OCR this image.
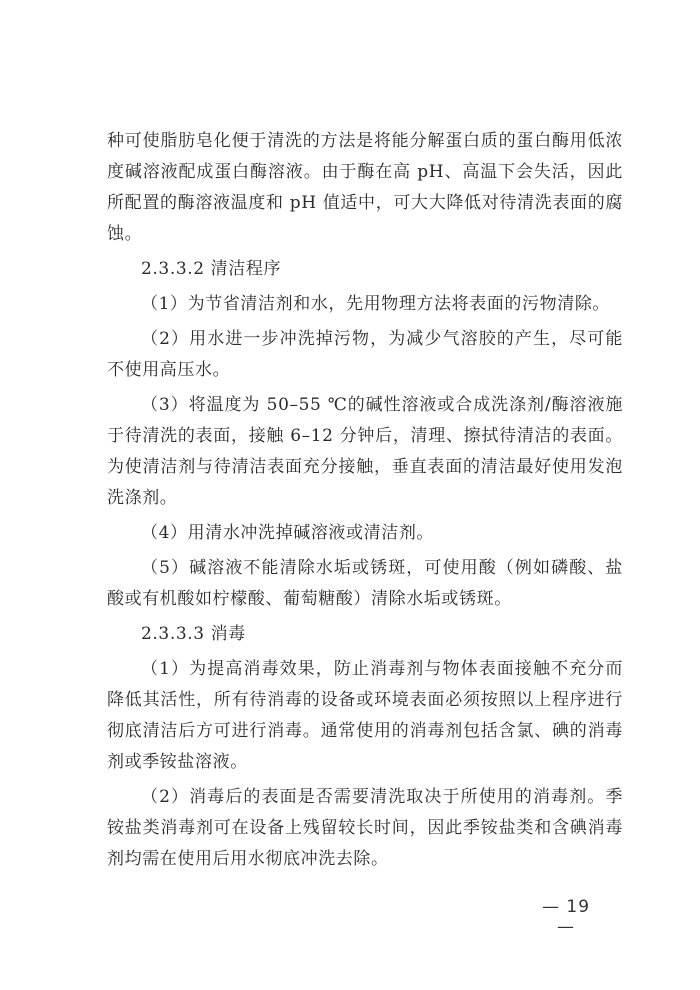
种可使脂肪皂化便于清洗的方法是将能分解蛋白质的蛋白酶用低浓度碱溶液配成蛋白酶溶液。由于酶在高 pH、高温下会失活，因此所配置的酶溶液温度和 pH 值适中，可大大降低对待清洗表面的腐蚀。

2.3.3.2 清洁程序

（1）为节省清洁剂和水，先用物理方法将表面的污物清除。

（2）用水进一步冲洗掉污物，为减少气溶胶的产生，尽可能不使用高压水。

（3）将温度为 50–55 ℃的碱性溶液或合成洗涤剂/酶溶液施于待清洗的表面，接触 6–12 分钟后，清理、擦拭待清洁的表面。为使清洁剂与待清洁表面充分接触，垂直表面的清洁最好使用发泡洗涤剂。

（4）用清水冲洗掉碱溶液或清洁剂。

（5）碱溶液不能清除水垢或锈斑，可使用酸（例如磷酸、盐酸或有机酸如柠檬酸、葡萄糖酸）清除水垢或锈斑。

2.3.3.3 消毒

（1）为提高消毒效果，防止消毒剂与物体表面接触不充分而降低其活性，所有待消毒的设备或环境表面必须按照以上程序进行彻底清洁后方可进行消毒。通常使用的消毒剂包括含氯、碘的消毒剂或季铵盐溶液。

（2）消毒后的表面是否需要清洗取决于所使用的消毒剂。季铵盐类消毒剂可在设备上残留较长时间，因此季铵盐类和含碘消毒剂均需在使用后用水彻底冲洗去除。

— 19 —
